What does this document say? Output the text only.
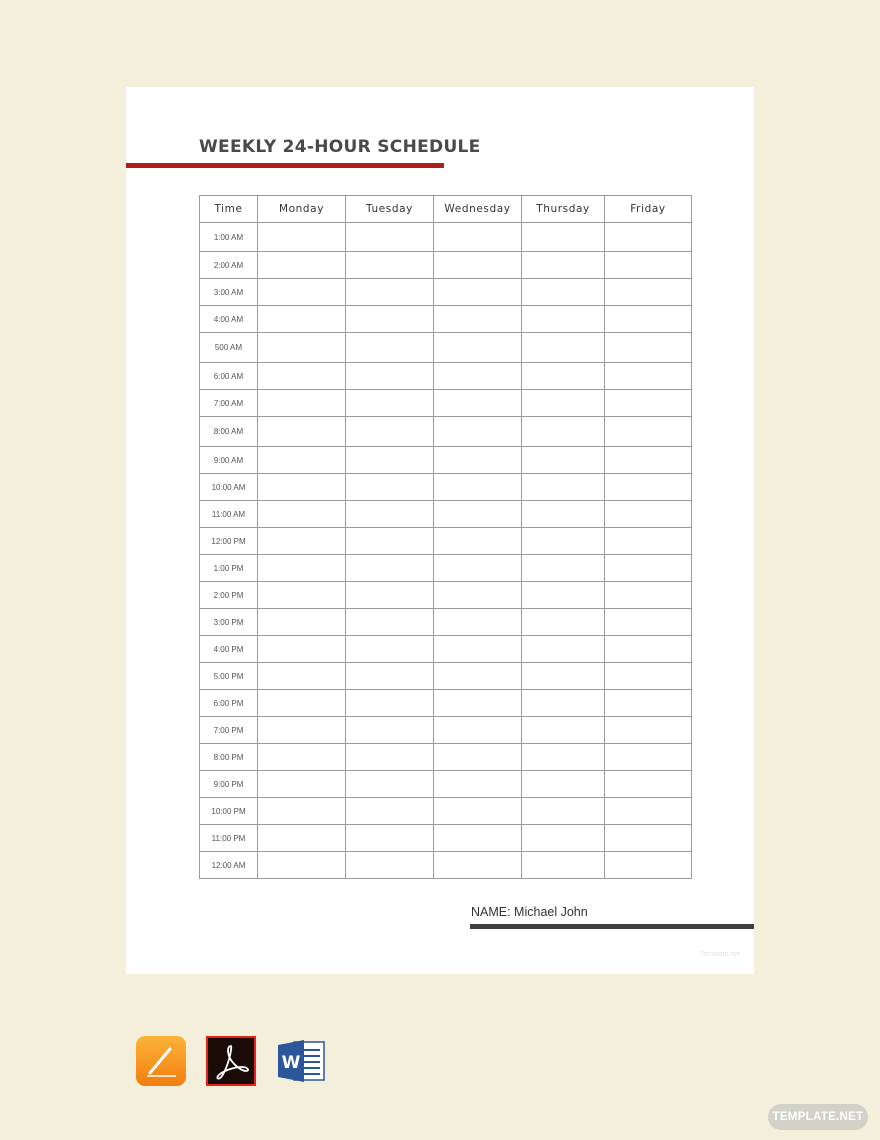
WEEKLY 24-HOUR SCHEDULE
Time	Monday	Tuesday	Wednesday	Thursday	Friday
1:00 AM					
2:00 AM					
3:00 AM					
4:00 AM					
500 AM					
6:00 AM					
7:00 AM					
8:00 AM					
9:00 AM					
10:00 AM					
11:00 AM					
12:00 PM					
1:00 PM					
2:00 PM					
3:00 PM					
4:00 PM					
5:00 PM					
6:00 PM					
7:00 PM					
8:00 PM					
9:00 PM					
10:00 PM					
11:00 PM					
12:00 AM					
NAME: Michael John
Template.net
W
TEMPLATE.NET
